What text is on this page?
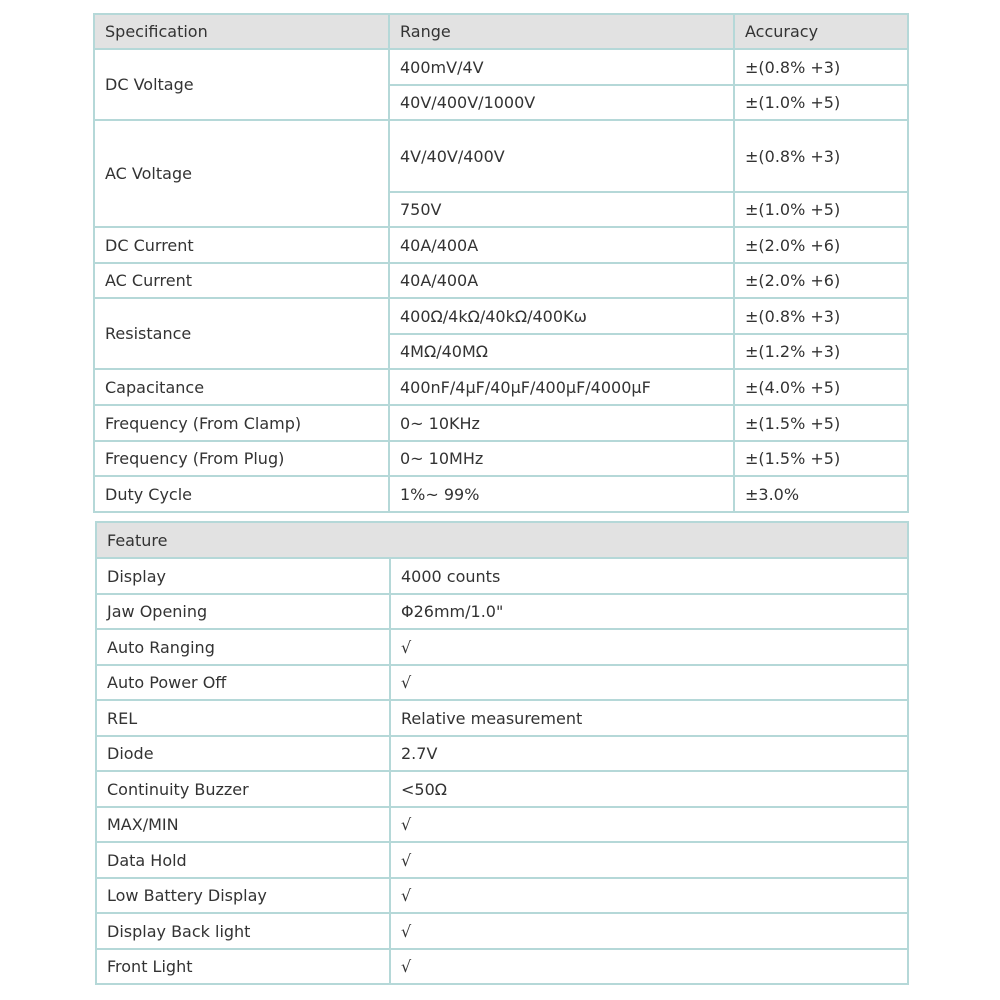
Specification	Range	Accuracy
DC Voltage	400mV/4V	±(0.8% +3)
	40V/400V/1000V	±(1.0% +5)
AC Voltage	4V/40V/400V	±(0.8% +3)
	750V	±(1.0% +5)
DC Current	40A/400A	±(2.0% +6)
AC Current	40A/400A	±(2.0% +6)
Resistance	400Ω/4kΩ/40kΩ/400Kω	±(0.8% +3)
	4MΩ/40MΩ	±(1.2% +3)
Capacitance	400nF/4μF/40μF/400μF/4000μF	±(4.0% +5)
Frequency (From Clamp)	0~ 10KHz	±(1.5% +5)
Frequency (From Plug)	0~ 10MHz	±(1.5% +5)
Duty Cycle	1%~ 99%	±3.0%
Feature	
Display	4000 counts
Jaw Opening	Φ26mm/1.0"
Auto Ranging	√
Auto Power Off	√
REL	Relative measurement
Diode	2.7V
Continuity Buzzer	<50Ω
MAX/MIN	√
Data Hold	√
Low Battery Display	√
Display Back light	√
Front Light	√
